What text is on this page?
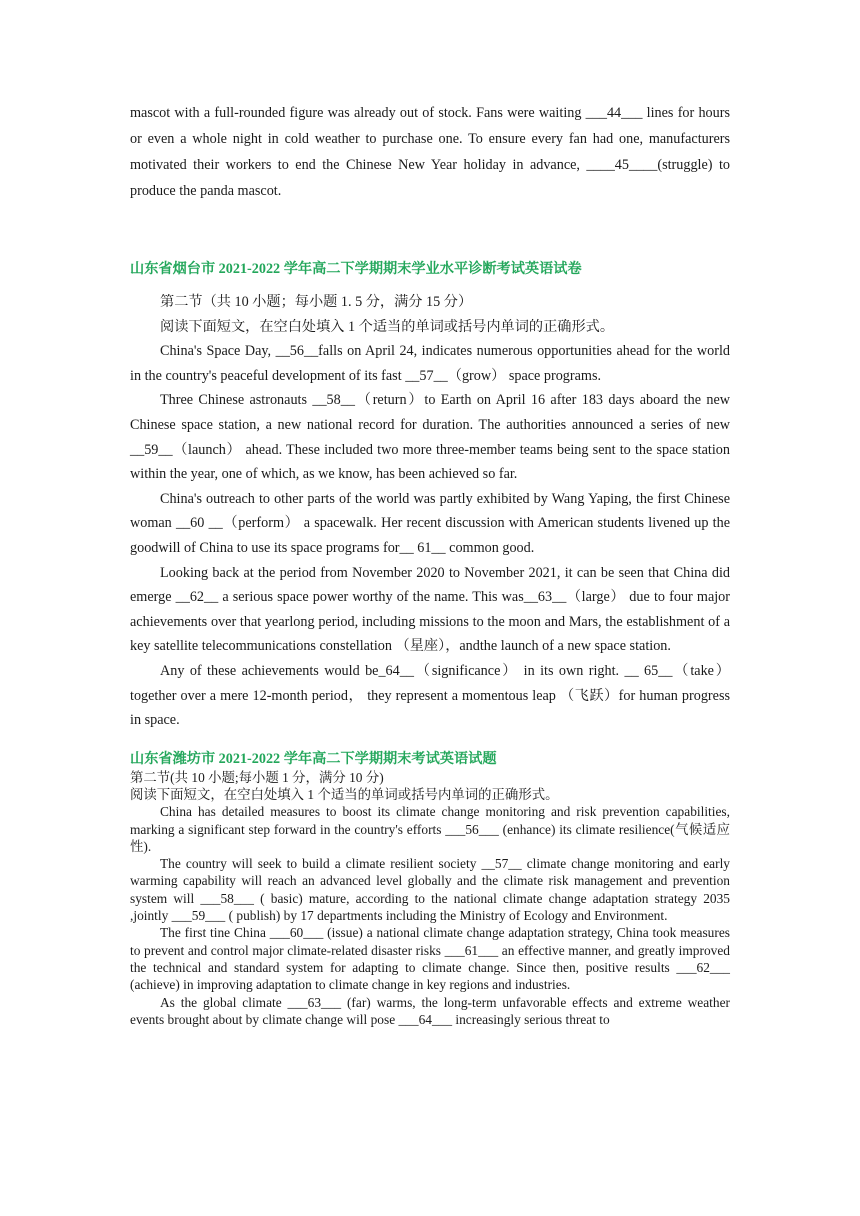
mascot with a full-rounded figure was already out of stock. Fans were waiting ___44___ lines for hours or even a whole night in cold weather to purchase one. To ensure every fan had one, manufacturers motivated their workers to end the Chinese New Year holiday in advance, ____45____(struggle) to produce the panda mascot.

山东省烟台市 2021-2022 学年高二下学期期末学业水平诊断考试英语试卷

第二节（共 10 小题；每小题 1. 5 分，满分 15 分）

阅读下面短文，在空白处填入 1 个适当的单词或括号内单词的正确形式。

China's Space Day, __56__falls on April 24, indicates numerous opportunities ahead for the world in the country's peaceful development of its fast __57__（grow） space programs.

Three Chinese astronauts __58__（return）to Earth on April 16 after 183 days aboard the new Chinese space station, a new national record for duration. The authorities announced a series of new __59__（launch） ahead. These included two more three-member teams being sent to the space station within the year, one of which, as we know, has been achieved so far.

China's outreach to other parts of the world was partly exhibited by Wang Yaping, the first Chinese woman __60 __（perform） a spacewalk. Her recent discussion with American students livened up the goodwill of China to use its space programs for__ 61__ common good.

Looking back at the period from November 2020 to November 2021, it can be seen that China did emerge __62__ a serious space power worthy of the name. This was__63__（large） due to four major achievements over that yearlong period, including missions to the moon and Mars, the establishment of a key satellite telecommunications constellation （星座），andthe launch of a new space station.

Any of these achievements would be_64__（significance） in its own right. __ 65__（take） together over a mere 12-month period， they represent a momentous leap （飞跃）for human progress in space.

山东省潍坊市 2021-2022 学年高二下学期期末考试英语试题

第二节(共 10 小题;每小题 1 分，满分 10 分)

阅读下面短文，在空白处填入 1 个适当的单词或括号内单词的正确形式。

China has detailed measures to boost its climate change monitoring and risk prevention capabilities, marking a significant step forward in the country's efforts ___56___ (enhance) its climate resilience(气候适应性).

The country will seek to build a climate resilient society __57__ climate change monitoring and early warming capability will reach an advanced level globally and the climate risk management and prevention system will ___58___ ( basic) mature, according to the national climate change adaptation strategy 2035 ,jointly ___59___ ( publish) by 17 departments including the Ministry of Ecology and Environment.

The first tine China ___60___ (issue) a national climate change adaptation strategy, China took measures to prevent and control major climate-related disaster risks ___61___ an effective manner, and greatly improved the technical and standard system for adapting to climate change. Since then, positive results ___62___ (achieve) in improving adaptation to climate change in key regions and industries.

As the global climate ___63___ (far) warms, the long-term unfavorable effects and extreme weather events brought about by climate change will pose ___64___ increasingly serious threat to
